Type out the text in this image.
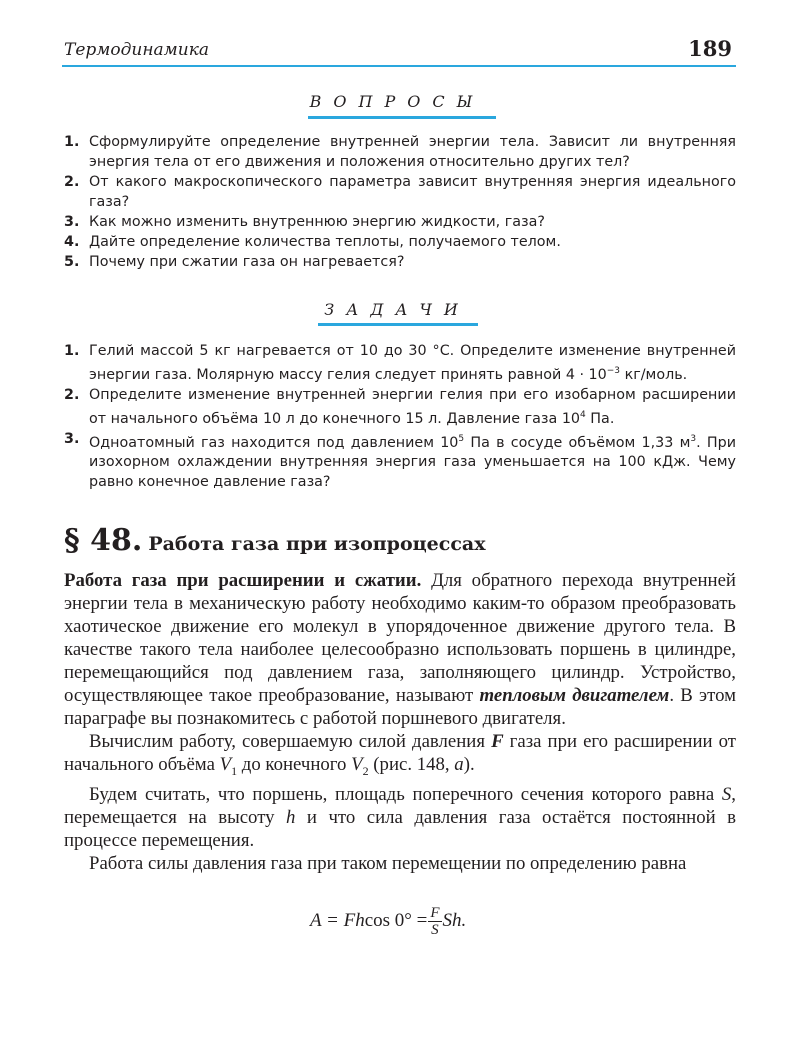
Термодинамика	189
ВОПРОСЫ
1. Сформулируйте определение внутренней энергии тела. Зависит ли внутренняя энергия тела от его движения и положения относительно других тел?
2. От какого макроскопического параметра зависит внутренняя энергия идеального газа?
3. Как можно изменить внутреннюю энергию жидкости, газа?
4. Дайте определение количества теплоты, получаемого телом.
5. Почему при сжатии газа он нагревается?
ЗАДАЧИ
1. Гелий массой 5 кг нагревается от 10 до 30 °С. Определите изменение внутренней энергии газа. Молярную массу гелия следует принять равной $4 \cdot 10^{-3}$ кг/моль.
2. Определите изменение внутренней энергии гелия при его изобарном расширении от начального объёма 10 л до конечного 15 л. Давление газа $10^4$ Па.
3. Одноатомный газ находится под давлением $10^5$ Па в сосуде объёмом 1,33 $м^3$. При изохорном охлаждении внутренняя энергия газа уменьшается на 100 кДж. Чему равно конечное давление газа?
§ 48. Работа газа при изопроцессах

Работа газа при расширении и сжатии. Для обратного перехода внутренней энергии тела в механическую работу необходимо каким-то образом преобразовать хаотическое движение его молекул в упорядоченное движение другого тела. В качестве такого тела наиболее целесообразно использовать поршень в цилиндре, перемещающийся под давлением газа, заполняющего цилиндр. Устройство, осуществляющее такое преобразование, называют тепловым двигателем. В этом параграфе вы познакомитесь с работой поршневого двигателя.

Вычислим работу, совершаемую силой давления F газа при его расширении от начального объёма $V_1$ до конечного $V_2$ (рис. 148, а).

Будем считать, что поршень, площадь поперечного сечения которого равна S, перемещается на высоту h и что сила давления газа остаётся постоянной в процессе перемещения.

Работа силы давления газа при таком перемещении по определению равна

A = Fhcos $0^\circ = \frac{F}{S} Sh$.
